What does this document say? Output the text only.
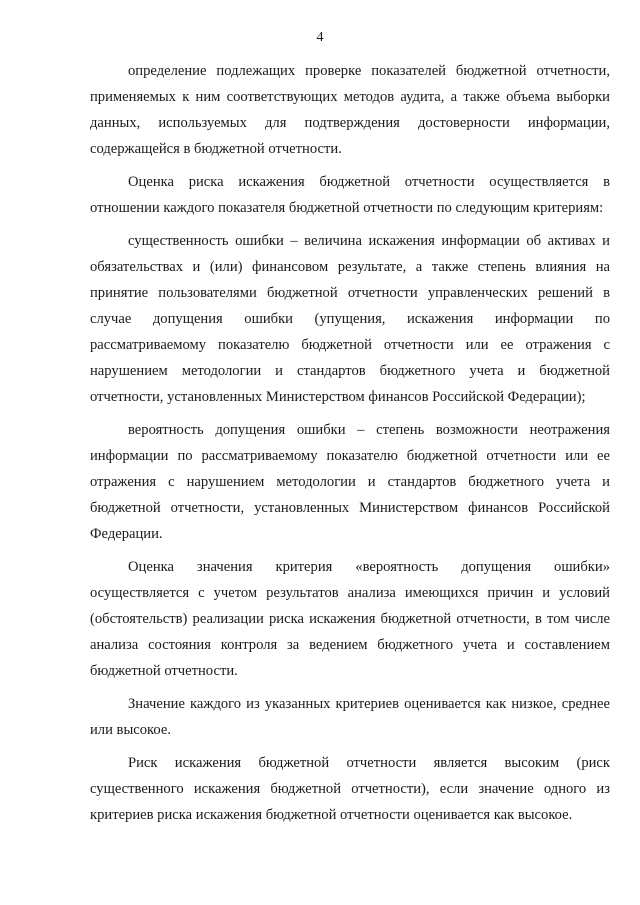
4

определение подлежащих проверке показателей бюджетной отчетности, применяемых к ним соответствующих методов аудита, а также объема выборки данных, используемых для подтверждения достоверности информации, содержащейся в бюджетной отчетности.

Оценка риска искажения бюджетной отчетности осуществляется в отношении каждого показателя бюджетной отчетности по следующим критериям:

существенность ошибки – величина искажения информации об активах и обязательствах и (или) финансовом результате, а также степень влияния на принятие пользователями бюджетной отчетности управленческих решений в случае допущения ошибки (упущения, искажения информации по рассматриваемому показателю бюджетной отчетности или ее отражения с нарушением методологии и стандартов бюджетного учета и бюджетной отчетности, установленных Министерством финансов Российской Федерации);

вероятность допущения ошибки – степень возможности неотражения информации по рассматриваемому показателю бюджетной отчетности или ее отражения с нарушением методологии и стандартов бюджетного учета и бюджетной отчетности, установленных Министерством финансов Российской Федерации.

Оценка значения критерия «вероятность допущения ошибки» осуществляется с учетом результатов анализа имеющихся причин и условий (обстоятельств) реализации риска искажения бюджетной отчетности, в том числе анализа состояния контроля за ведением бюджетного учета и составлением бюджетной отчетности.

Значение каждого из указанных критериев оценивается как низкое, среднее или высокое.

Риск искажения бюджетной отчетности является высоким (риск существенного искажения бюджетной отчетности), если значение одного из критериев риска искажения бюджетной отчетности оценивается как высокое.
